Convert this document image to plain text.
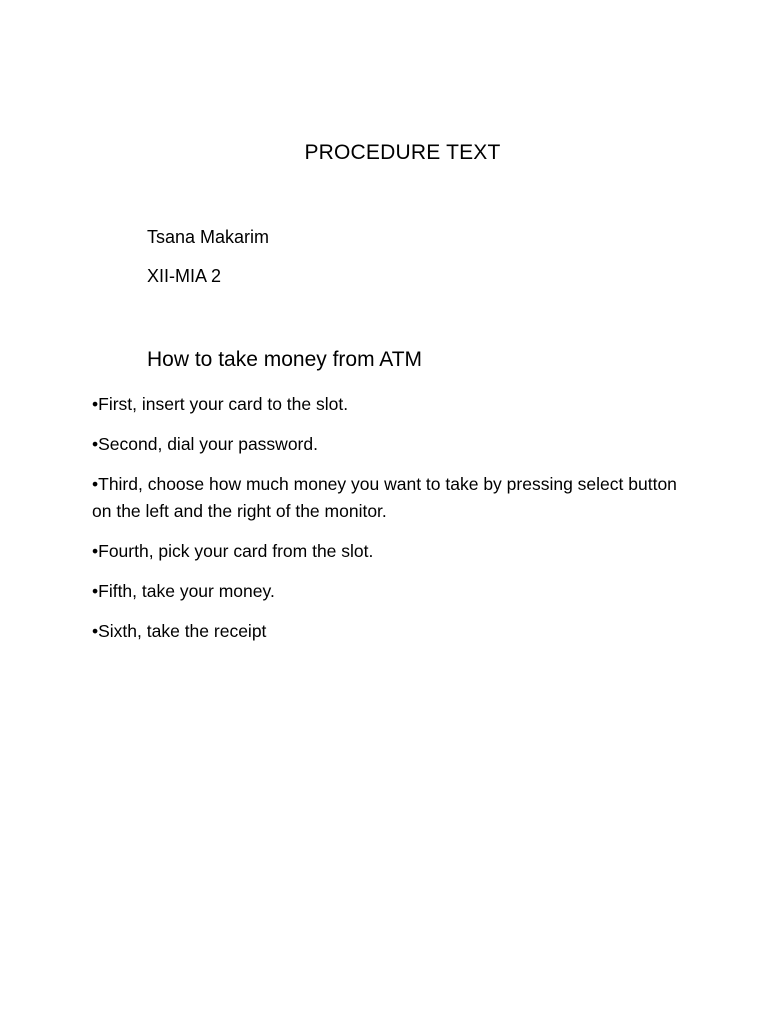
PROCEDURE TEXT

Tsana Makarim

XII-MIA 2

How to take money from ATM
•First, insert your card to the slot.
•Second, dial your password.
•Third, choose how much money you want to take by pressing select button on the left and the right of the monitor.
•Fourth, pick your card from the slot.
•Fifth, take your money.
•Sixth, take the receipt
